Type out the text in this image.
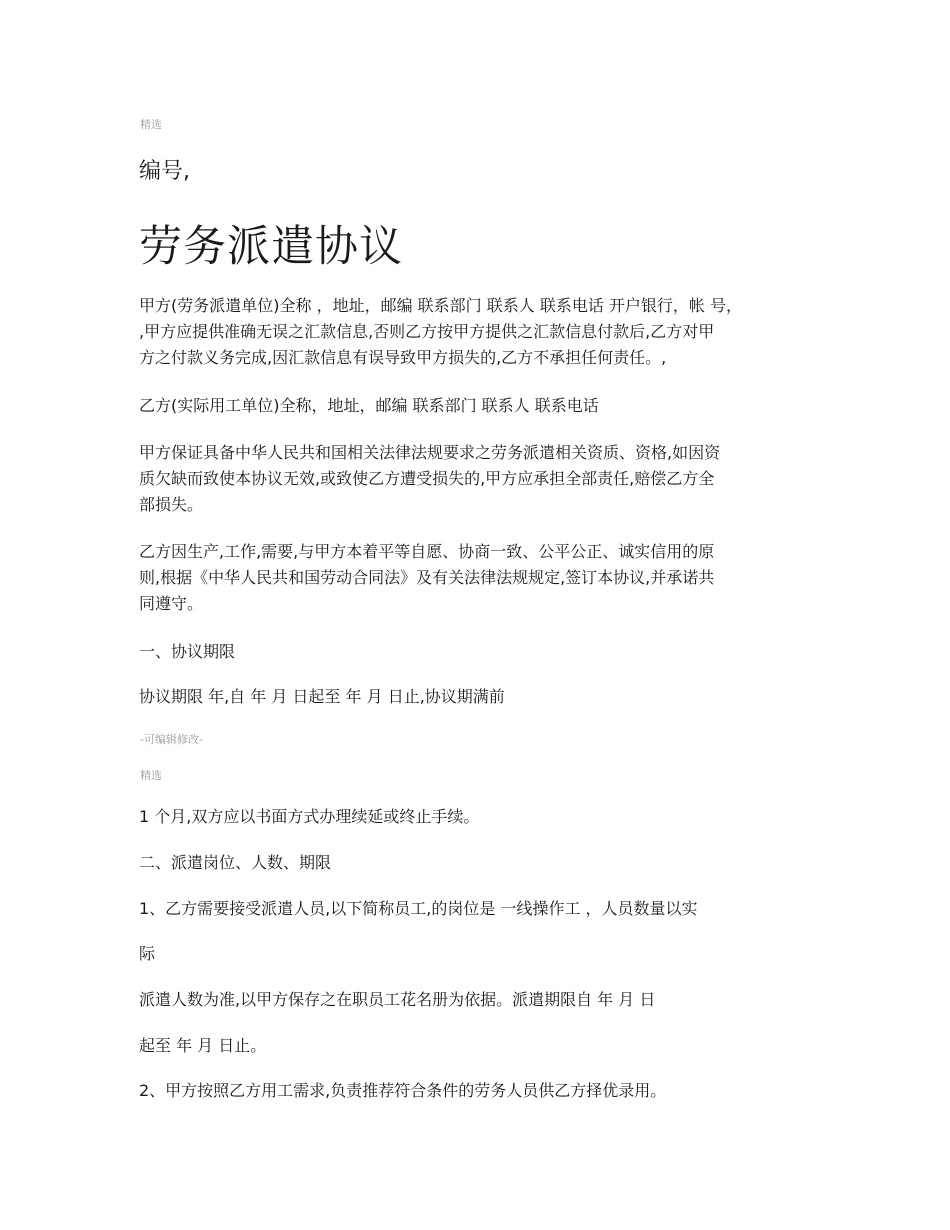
精选
编号,
劳务派遣协议
甲方(劳务派遣单位)全称 ，地址，邮编 联系部门 联系人 联系电话 开户银行，帐 号，
,甲方应提供准确无误之汇款信息,否则乙方按甲方提供之汇款信息付款后,乙方对甲
方之付款义务完成,因汇款信息有误导致甲方损失的,乙方不承担任何责任。,
乙方(实际用工单位)全称，地址，邮编 联系部门 联系人 联系电话
甲方保证具备中华人民共和国相关法律法规要求之劳务派遣相关资质、资格,如因资
质欠缺而致使本协议无效,或致使乙方遭受损失的,甲方应承担全部责任,赔偿乙方全
部损失。
乙方因生产,工作,需要,与甲方本着平等自愿、协商一致、公平公正、诚实信用的原
则,根据《中华人民共和国劳动合同法》及有关法律法规规定,签订本协议,并承诺共
同遵守。
一、协议期限
协议期限 年,自 年 月 日起至 年 月 日止,协议期满前
-可编辑修改-
精选
1 个月,双方应以书面方式办理续延或终止手续。
二、派遣岗位、人数、期限
1、乙方需要接受派遣人员,以下简称员工,的岗位是 一线操作工 ，人员数量以实
际
派遣人数为准,以甲方保存之在职员工花名册为依据。派遣期限自 年 月 日
起至 年 月 日止。
2、甲方按照乙方用工需求,负责推荐符合条件的劳务人员供乙方择优录用。
